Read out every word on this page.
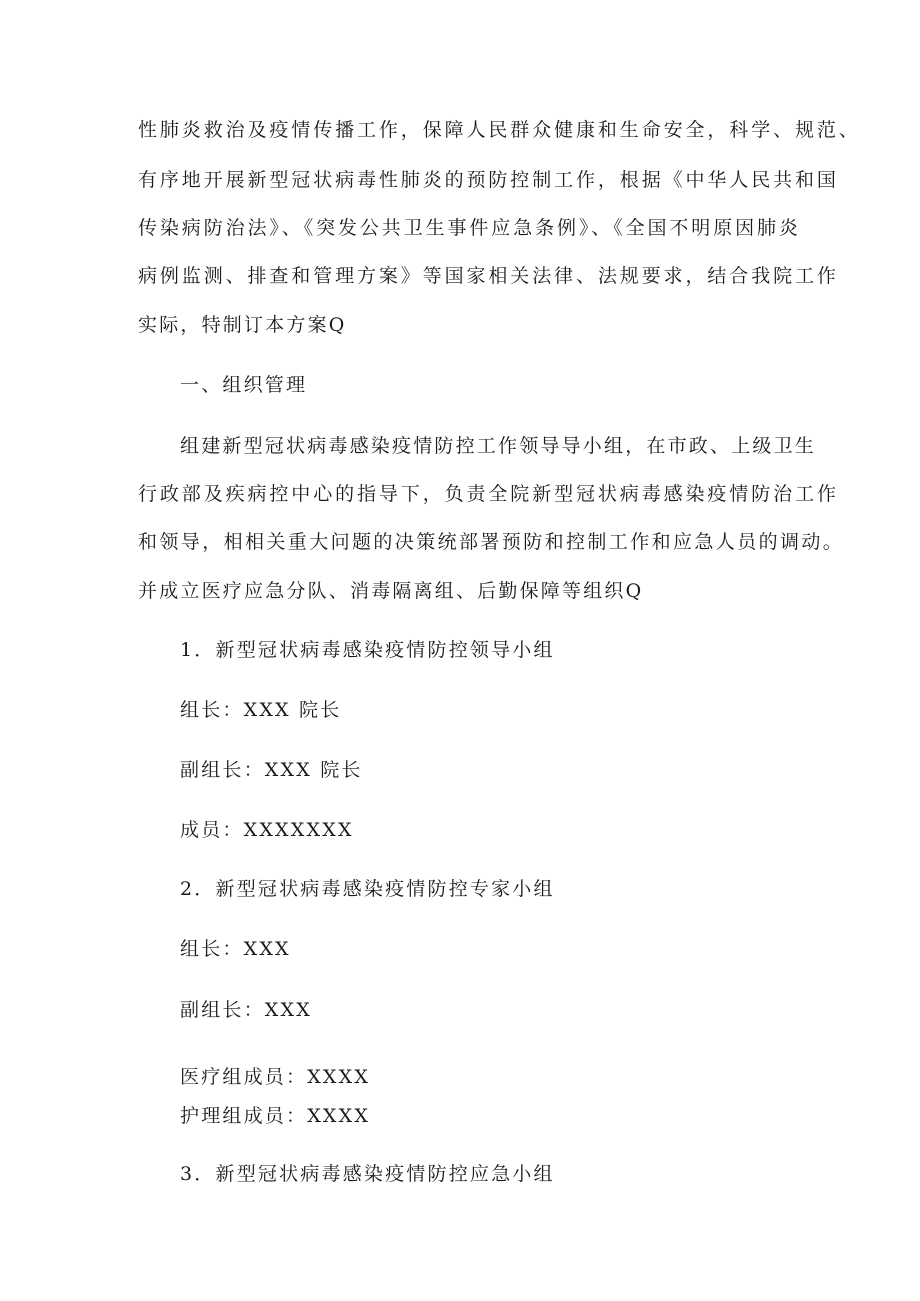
性肺炎救治及疫情传播工作，保障人民群众健康和生命安全，科学、规范、
有序地开展新型冠状病毒性肺炎的预防控制工作，根据《中华人民共和国
传染病防治法》、《突发公共卫生事件应急条例》、《全国不明原因肺炎
病例监测、排查和管理方案》等国家相关法律、法规要求，结合我院工作
实际，特制订本方案Q
一、组织管理
组建新型冠状病毒感染疫情防控工作领导导小组，在市政、上级卫生
行政部及疾病控中心的指导下，负责全院新型冠状病毒感染疫情防治工作
和领导，相相关重大问题的决策统部署预防和控制工作和应急人员的调动。
并成立医疗应急分队、消毒隔离组、后勤保障等组织Q
1．新型冠状病毒感染疫情防控领导小组
组长：XXX 院长
副组长：XXX 院长
成员：XXXXXXX
2．新型冠状病毒感染疫情防控专家小组
组长：XXX
副组长：XXX
医疗组成员：XXXX
护理组成员：XXXX
3．新型冠状病毒感染疫情防控应急小组
